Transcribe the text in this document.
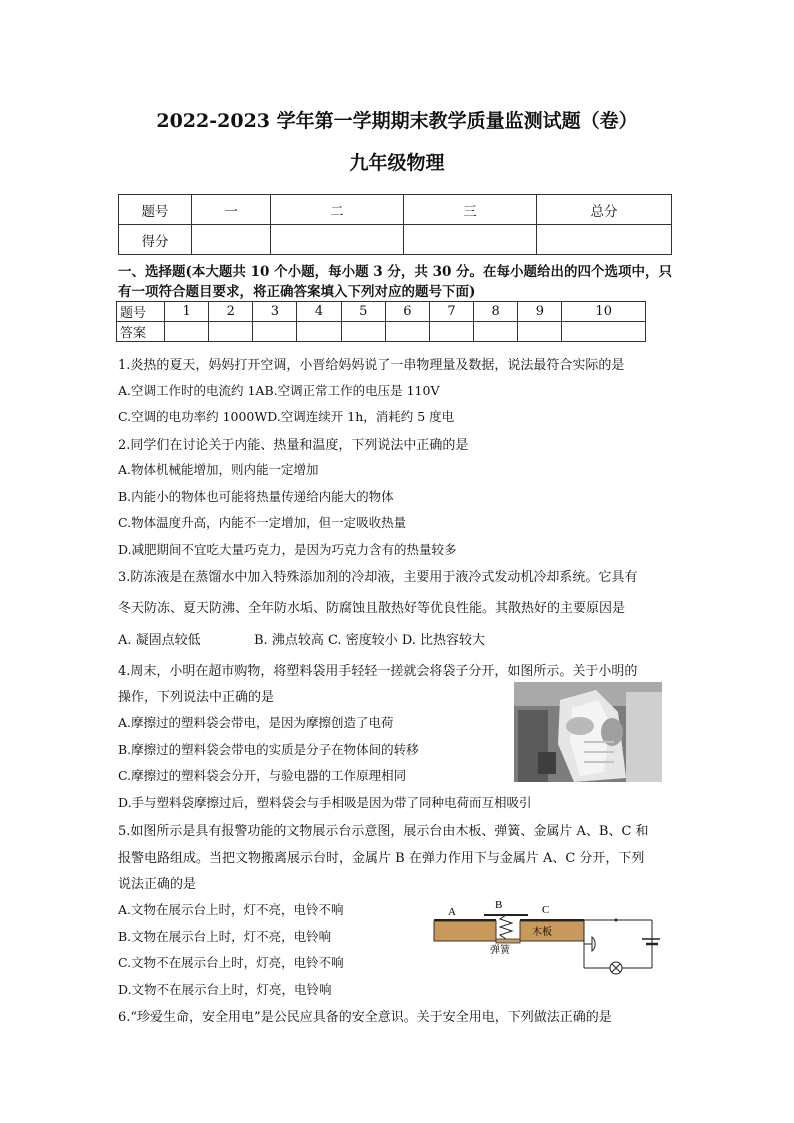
2022-2023 学年第一学期期末教学质量监测试题（卷）
九年级物理
题号	一	二	三	总分
得分				
一、选择题(本大题共 10 个小题，每小题 3 分，共 30 分。在每小题给出的四个选项中，只
有一项符合题目要求，将正确答案填入下列对应的题号下面)
题号	1	2	3	4	5	6	7	8	9	10
答案										
1.炎热的夏天，妈妈打开空调，小晋给妈妈说了一串物理量及数据，说法最符合实际的是
A.空调工作时的电流约 1AB.空调正常工作的电压是 110V
C.空调的电功率约 1000WD.空调连续开 1h，消耗约 5 度电
2.同学们在讨论关于内能、热量和温度，下列说法中正确的是
A.物体机械能增加，则内能一定增加
B.内能小的物体也可能将热量传递给内能大的物体
C.物体温度升高，内能不一定增加，但一定吸收热量
D.减肥期间不宜吃大量巧克力，是因为巧克力含有的热量较多
3.防冻液是在蒸馏水中加入特殊添加剂的冷却液，主要用于液冷式发动机冷却系统。它具有
冬天防冻、夏天防沸、全年防水垢、防腐蚀且散热好等优良性能。其散热好的主要原因是
A. 凝固点较低	B. 沸点较高 C. 密度较小 D. 比热容较大
4.周末，小明在超市购物，将塑料袋用手轻轻一搓就会将袋子分开，如图所示。关于小明的
操作，下列说法中正确的是
A.摩擦过的塑料袋会带电，是因为摩擦创造了电荷
B.摩擦过的塑料袋会带电的实质是分子在物体间的转移
C.摩擦过的塑料袋会分开，与验电器的工作原理相同
D.手与塑料袋摩擦过后，塑料袋会与手相吸是因为带了同种电荷而互相吸引
5.如图所示是具有报警功能的文物展示台示意图，展示台由木板、弹簧、金属片 A、B、C 和
报警电路组成。当把文物搬离展示台时，金属片 B 在弹力作用下与金属片 A、C 分开，下列
说法正确的是
A.文物在展示台上时，灯不亮，电铃不响
B.文物在展示台上时，灯不亮，电铃响
C.文物不在展示台上时，灯亮，电铃不响
D.文物不在展示台上时，灯亮，电铃响
A
B	C
弹簧
木板
6.“珍爱生命，安全用电”是公民应具备的安全意识。关于安全用电，下列做法正确的是
